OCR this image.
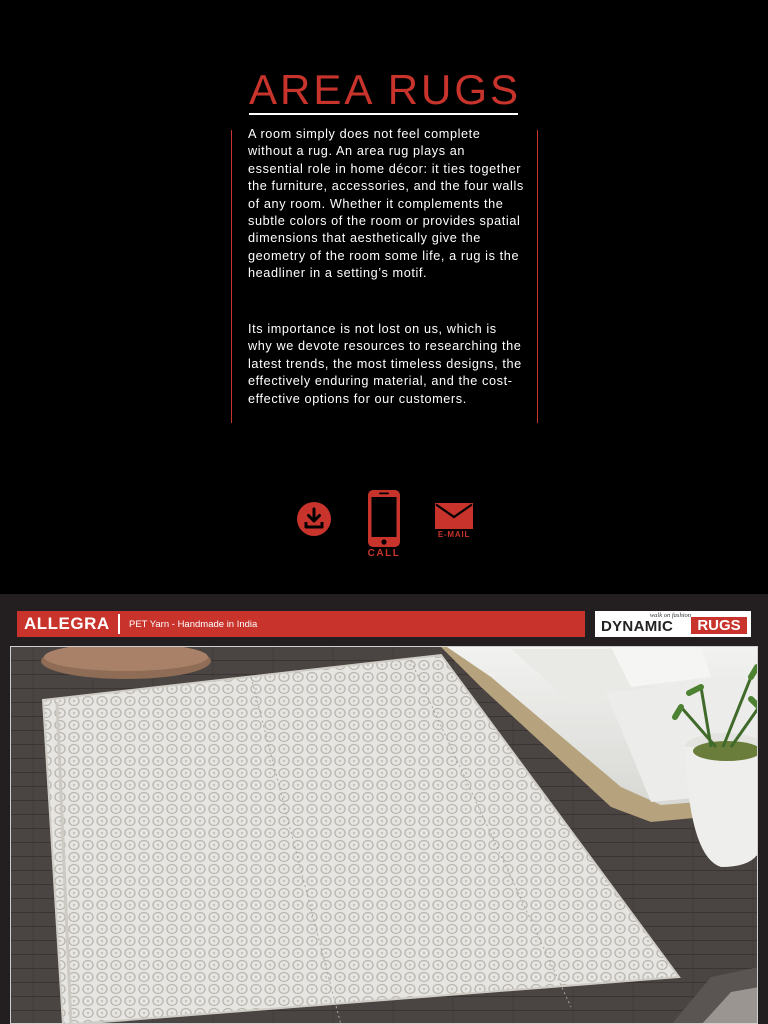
AREA RUGS

A room simply does not feel complete without a rug. An area rug plays an essential role in home décor: it ties together the furniture, accessories, and the four walls of any room. Whether it complements the subtle colors of the room or provides spatial dimensions that aesthetically give the geometry of the room some life, a rug is the headliner in a setting’s motif.

Its importance is not lost on us, which is why we devote resources to researching the latest trends, the most timeless designs, the effectively enduring material, and the cost-effective options for our customers.

CALL
E-MAIL
ALLEGRA PET Yarn - Handmade in India
walk on fashion
DYNAMIC	RUGS
